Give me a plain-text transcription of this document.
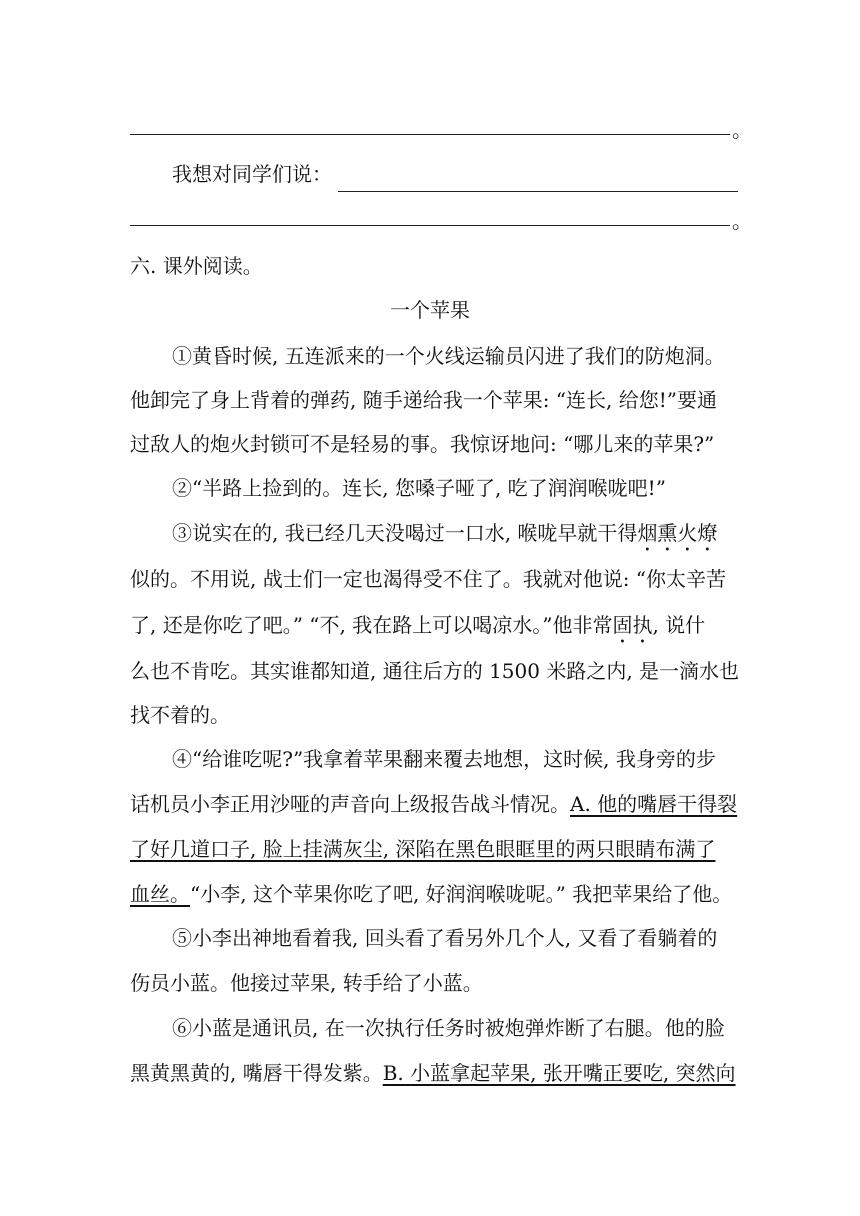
。
我想对同学们说：
。
六. 课外阅读。
一个苹果
①黄昏时候, 五连派来的一个火线运输员闪进了我们的防炮洞。
他卸完了身上背着的弹药, 随手递给我一个苹果: “连长, 给您!”要通
过敌人的炮火封锁可不是轻易的事。我惊讶地问: “哪儿来的苹果?”
②“半路上捡到的。连长, 您嗓子哑了, 吃了润润喉咙吧!”
③说实在的, 我已经几天没喝过一口水, 喉咙早就干得烟熏火燎
似的。不用说, 战士们一定也渴得受不住了。我就对他说: “你太辛苦
了, 还是你吃了吧。” “不, 我在路上可以喝凉水。”他非常固执, 说什
么也不肯吃。其实谁都知道, 通往后方的 1500 米路之内, 是一滴水也
找不着的。
④“给谁吃呢?”我拿着苹果翻来覆去地想，这时候, 我身旁的步
话机员小李正用沙哑的声音向上级报告战斗情况。A. 他的嘴唇干得裂
了好几道口子, 脸上挂满灰尘, 深陷在黑色眼眶里的两只眼睛布满了
血丝。“小李, 这个苹果你吃了吧, 好润润喉咙呢。” 我把苹果给了他。
⑤小李出神地看着我, 回头看了看另外几个人, 又看了看躺着的
伤员小蓝。他接过苹果, 转手给了小蓝。
⑥小蓝是通讯员, 在一次执行任务时被炮弹炸断了右腿。他的脸
黑黄黑黄的, 嘴唇干得发紫。B. 小蓝拿起苹果, 张开嘴正要吃, 突然向
